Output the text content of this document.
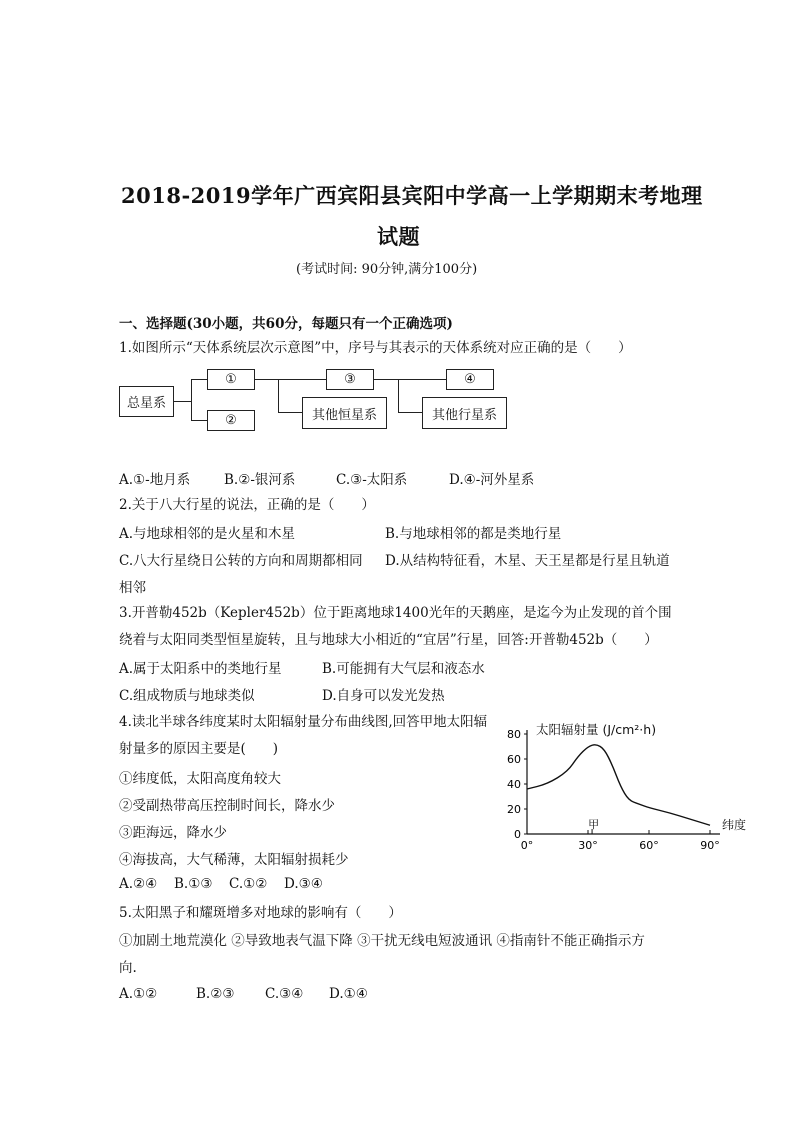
2018-2019学年广西宾阳县宾阳中学高一上学期期末考地理
试题
(考试时间: 90分钟,满分100分)
一、选择题(30小题，共60分，每题只有一个正确选项)
1.如图所示“天体系统层次示意图”中，序号与其表示的天体系统对应正确的是（　　）
总星系
①
②
③
其他恒星系
④
其他行星系
A.①-地月系	B.②-银河系	C.③-太阳系	D.④-河外星系
2.关于八大行星的说法，正确的是（　　）
A.与地球相邻的是火星和木星	B.与地球相邻的都是类地行星
C.八大行星绕日公转的方向和周期都相同 D.从结构特征看，木星、天王星都是行星且轨道
相邻
3.开普勒452b（Kepler452b）位于距离地球1400光年的天鹅座，是迄今为止发现的首个围
绕着与太阳同类型恒星旋转，且与地球大小相近的“宜居”行星，回答:开普勒452b（　　）
A.属于太阳系中的类地行星	B.可能拥有大气层和液态水
C.组成物质与地球类似	D.自身可以发光发热
4.读北半球各纬度某时太阳辐射量分布曲线图,回答甲地太阳辐
射量多的原因主要是(　　)
①纬度低，太阳高度角较大
②受副热带高压控制时间长，降水少
③距海远，降水少
④海拔高，大气稀薄，太阳辐射损耗少
A.②④ B.①③ C.①② D.③④
太阳辐射量 (J/cm²·h)
0
20
40
60
80
0°	30°	60°	90°
甲	纬度
5.太阳黑子和耀斑增多对地球的影响有（　　）
①加剧土地荒漠化 ②导致地表气温下降 ③干扰无线电短波通讯 ④指南针不能正确指示方
向.
A.①②	B.②③ C.③④ D.①④
